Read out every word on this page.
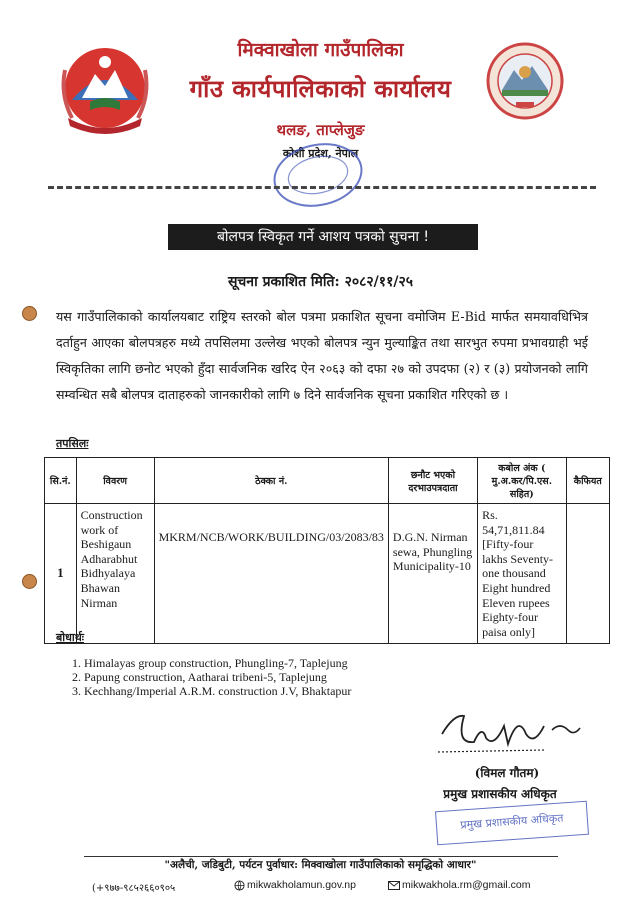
मिक्वाखोला गाउँपालिका
गाँउ कार्यपालिकाको कार्यालय
थलङ, ताप्लेजुङ
कोशी प्रदेश, नेपाल
बोलपत्र स्विकृत गर्ने आशय पत्रको सुचना !
सूचना प्रकाशित मिति: २०८२/११/२५
यस गाउँपालिकाको कार्यालयबाट राष्ट्रिय स्तरको बोल पत्रमा प्रकाशित सूचना वमोजिम E-Bid मार्फत समयावधिभित्र दर्ताहुन आएका बोलपत्रहरु मध्ये तपसिलमा उल्लेख भएको बोलपत्र न्युन मुल्याङ्कित तथा सारभुत रुपमा प्रभावग्राही भई स्विकृतिका लागि छनोट भएको हुँदा सार्वजनिक खरिद ऐन २०६३ को दफा २७ को उपदफा (२) र (३) प्रयोजनको लागि सम्वन्धित सबै बोलपत्र दाताहरुको जानकारीको लागि ७ दिने सार्वजनिक सूचना प्रकाशित गरिएको छ ।
तपसिलः
सि.नं.	विवरण	ठेक्का नं.	छनौट भएको दरभाउपत्रदाता	कबोल अंक ( मु.अ.कर/पि.एस. सहित)	कैफियत
1	Construction work of Beshigaun Adharabhut Bidhyalaya Bhawan Nirman	MKRM/NCB/WORK/BUILDING/03/2083/83	D.G.N. Nirman sewa, Phungling Municipality-10	Rs. 54,71,811.84 [Fifty-four lakhs Seventy-one thousand Eight hundred Eleven rupees Eighty-four paisa only]	
बोधार्थः
1. Himalayas group construction, Phungling-7, Taplejung
2. Papung construction, Aatharai tribeni-5, Taplejung
3. Kechhang/Imperial A.R.M. construction J.V, Bhaktapur
(विमल गौतम)
प्रमुख प्रशासकीय अधिकृत
प्रमुख प्रशासकीय अधिकृत
"अलैची, जडिबुटी, पर्यटन पुर्वाधार: मिक्वाखोला गाउँपालिकाको समृद्धिको आधार"
(+९७७-९८५२६६०९०५	mikwakholamun.gov.np	mikwakhola.rm@gmail.com
